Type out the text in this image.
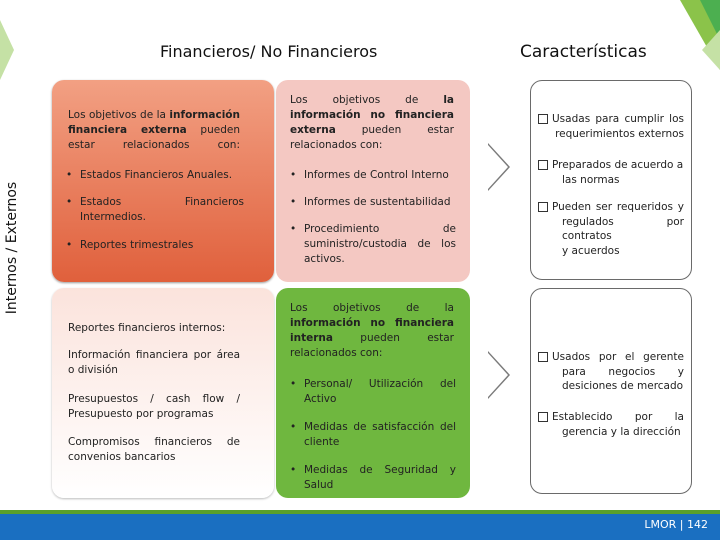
Financieros/ No Financieros	Características
Internos / Externos
Los objetivos de la información financiera externa pueden estar relacionados con:
• Estados Financieros Anuales.
• Estados Financieros
Intermedios.
• Reportes trimestrales
Los objetivos de la
información no financiera
externa pueden estar
relacionados con:
• Informes de Control Interno
• Informes de sustentabilidad
• Procedimiento de
suministro/custodia de los
activos.
Reportes financieros internos:
Información financiera por área
o división
Presupuestos / cash flow /
Presupuesto por programas
Compromisos financieros de
convenios bancarios
Los objetivos de la
información no financiera
interna pueden estar
relacionados con:
• Personal/ Utilización del
Activo
• Medidas de satisfacción del
cliente
• Medidas de Seguridad y
Salud
Usadas para cumplir los
requerimientos externos
Preparados de acuerdo a
las normas
Pueden ser requeridos y
regulados por contratos
y acuerdos
Usados por el gerente
para negocios y
desiciones de mercado
Establecido por la
gerencia y la dirección
LMOR | 142
